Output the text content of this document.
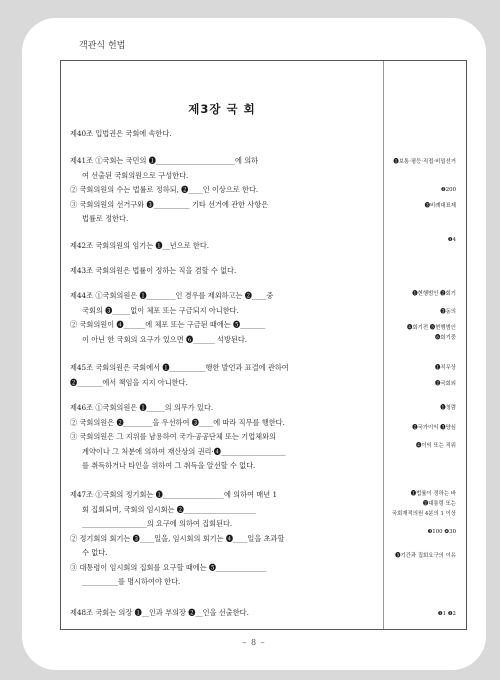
객관식 헌법
제3장 국 회
제40조 입법권은 국회에 속한다.
제41조 ①국회는 국민의 ❶______________________에 의하
여 선출된 국회의원으로 구성한다.
② 국회의원의 수는 법률로 정하되, ❷____인 이상으로 한다.
③ 국회의원의 선거구와 ❸__________ 기타 선거에 관한 사항은
법률로 정한다.
❶보통·평등·직접·비밀선거
❷200
❸비례대표제
제42조 국회의원의 임기는 ❶__년으로 한다.
❶4
제43조 국회의원은 법률이 정하는 직을 겸할 수 없다.
제44조 ①국회의원은 ❶________인 경우를 제외하고는 ❷____중
국회의 ❸_____없이 체포 또는 구금되지 아니한다.
② 국회의원이 ❹______에 체포 또는 구금된 때에는 ❺_______
이 아닌 한 국회의 요구가 있으면 ❻______ 석방된다.
❶현행범인 ❷회기
❸동의
❹회기전 ❺현행범인
❻회기중
제45조 국회의원은 국회에서 ❶__________행한 발언과 표결에 관하여
❷_______에서 책임을 지지 아니한다.
❶직무상
❷국회외
제46조 ①국회의원은 ❶_____의 의무가 있다.
② 국회의원은 ❷________을 우선하여 ❸____에 따라 직무를 행한다.
③ 국회의원은 그 지위를 남용하여 국가·공공단체 또는 기업체와의
계약이나 그 처분에 의하여 재산상의 권리·❹__________________
를 취득하거나 타인을 위하여 그 취득을 알선할 수 없다.
❶청렴
❷국가이익 ❸양심
❹이익 또는 직위
제47조 ①국회의 정기회는 ❶_________________에 의하여 매년 1
회 집회되며, 국회의 임시회는 ❷____________________
__________________의 요구에 의하여 집회된다.
② 정기회의 회기는 ❸____일을, 임시회의 회기는 ❹____일을 초과할
수 없다.
③ 대통령이 임시회의 집회를 요구할 때에는 ❺______________
__________를 명시하여야 한다.
❶법률이 정하는 바
❷대통령 또는
국회재적의원 4분의 1 이상
❸100 ❹30
❺기간과 집회요구의 이유
제48조 국회는 의장 ❶__인과 부의장 ❷__인을 선출한다.	❶1 ❷2
– 8 –
